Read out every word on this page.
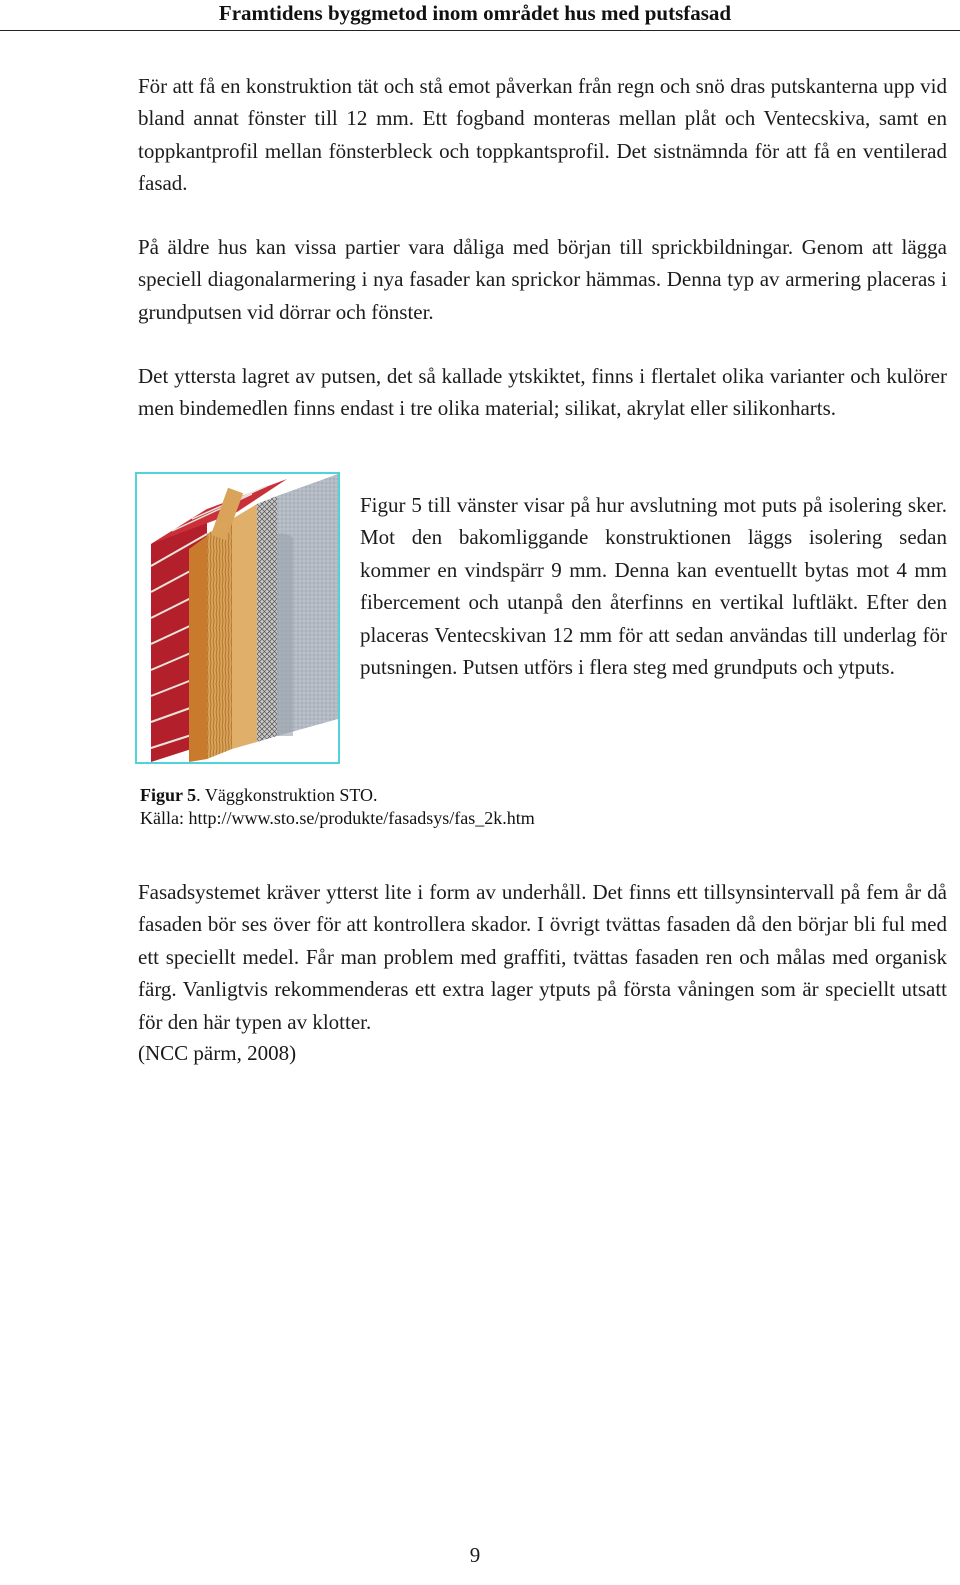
Framtidens byggmetod inom området hus med putsfasad

För att få en konstruktion tät och stå emot påverkan från regn och snö dras putskanterna upp vid bland annat fönster till 12 mm. Ett fogband monteras mellan plåt och Ventecskiva, samt en toppkantprofil mellan fönsterbleck och toppkantsprofil. Det sistnämnda för att få en ventilerad fasad.

På äldre hus kan vissa partier vara dåliga med början till sprickbildningar. Genom att lägga speciell diagonalarmering i nya fasader kan sprickor hämmas. Denna typ av armering placeras i grundputsen vid dörrar och fönster.

Det yttersta lagret av putsen, det så kallade ytskiktet, finns i flertalet olika varianter och kulörer men bindemedlen finns endast i tre olika material; silikat, akrylat eller silikonharts.

Figur 5 till vänster visar på hur avslutning mot puts på isolering sker. Mot den bakomliggande konstruktionen läggs isolering sedan kommer en vindspärr 9 mm. Denna kan eventuellt bytas mot 4 mm fibercement och utanpå den återfinns en vertikal luftläkt. Efter den placeras Ventecskivan 12 mm för att sedan användas till underlag för putsningen. Putsen utförs i flera steg med grundputs och ytputs.

Figur 5. Väggkonstruktion STO.
Källa: http://www.sto.se/produkte/fasadsys/fas_2k.htm

Fasadsystemet kräver ytterst lite i form av underhåll. Det finns ett tillsynsintervall på fem år då fasaden bör ses över för att kontrollera skador. I övrigt tvättas fasaden då den börjar bli ful med ett speciellt medel. Får man problem med graffiti, tvättas fasaden ren och målas med organisk färg. Vanligtvis rekommenderas ett extra lager ytputs på första våningen som är speciellt utsatt för den här typen av klotter.

(NCC pärm, 2008)

9
